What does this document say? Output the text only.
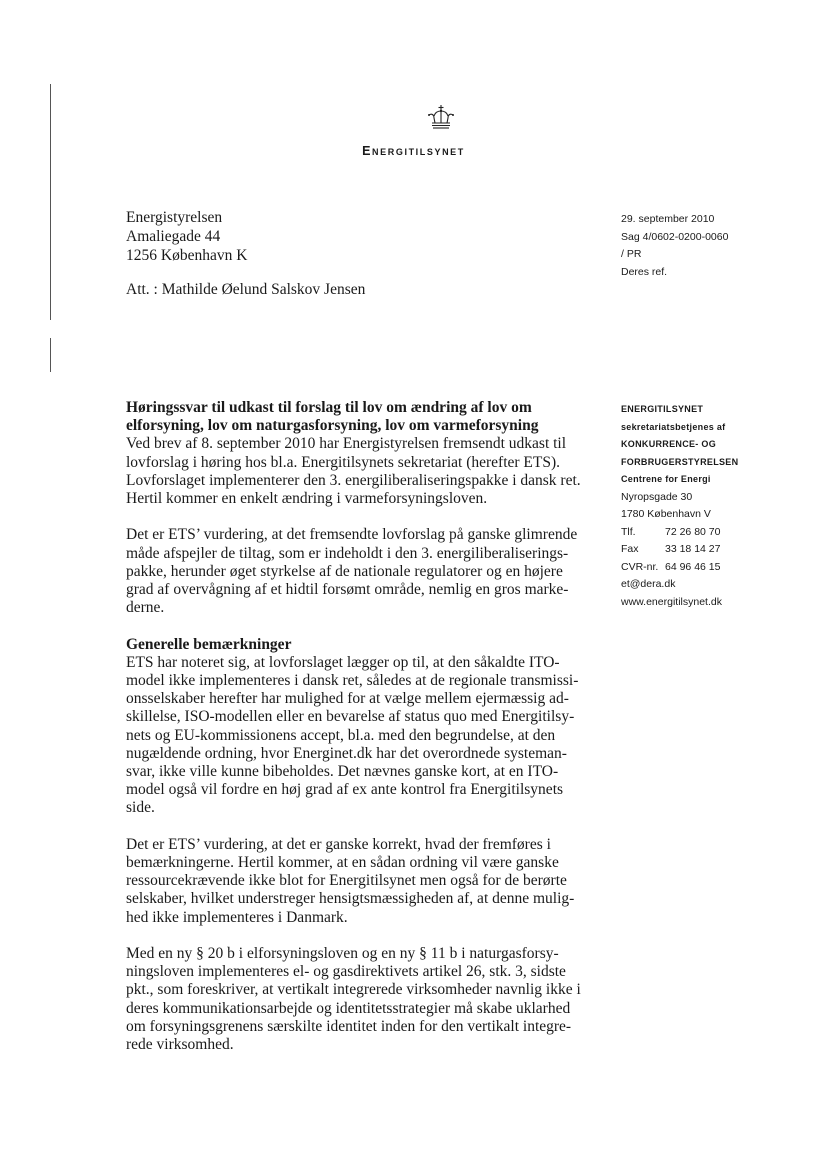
Energitilsynet
Energistyrelsen
Amaliegade 44
1256 København K
Att. : Mathilde Øelund Salskov Jensen
29. september 2010
Sag 4/0602-0200-0060
/ PR
Deres ref.
ENERGITILSYNET
sekretariatsbetjenes af
KONKURRENCE- OG
FORBRUGERSTYRELSEN
Centrene for Energi
Nyropsgade 30
1780 København V
Tlf.	72 26 80 70
Fax	33 18 14 27
CVR-nr. 64 96 46 15
et@dera.dk
www.energitilsynet.dk
Høringssvar til udkast til forslag til lov om ændring af lov om
elforsyning, lov om naturgasforsyning, lov om varmeforsyning
Ved brev af 8. september 2010 har Energistyrelsen fremsendt udkast til
lovforslag i høring hos bl.a. Energitilsynets sekretariat (herefter ETS).
Lovforslaget implementerer den 3. energiliberaliseringspakke i dansk ret.
Hertil kommer en enkelt ændring i varmeforsyningsloven.
Det er ETS’ vurdering, at det fremsendte lovforslag på ganske glimrende
måde afspejler de tiltag, som er indeholdt i den 3. energiliberaliserings-
pakke, herunder øget styrkelse af de nationale regulatorer og en højere
grad af overvågning af et hidtil forsømt område, nemlig en gros marke-
derne.
Generelle bemærkninger
ETS har noteret sig, at lovforslaget lægger op til, at den såkaldte ITO-
model ikke implementeres i dansk ret, således at de regionale transmissi-
onsselskaber herefter har mulighed for at vælge mellem ejermæssig ad-
skillelse, ISO-modellen eller en bevarelse af status quo med Energitilsy-
nets og EU-kommissionens accept, bl.a. med den begrundelse, at den
nugældende ordning, hvor Energinet.dk har det overordnede systeman-
svar, ikke ville kunne bibeholdes. Det nævnes ganske kort, at en ITO-
model også vil fordre en høj grad af ex ante kontrol fra Energitilsynets
side.
Det er ETS’ vurdering, at det er ganske korrekt, hvad der fremføres i
bemærkningerne. Hertil kommer, at en sådan ordning vil være ganske
ressourcekrævende ikke blot for Energitilsynet men også for de berørte
selskaber, hvilket understreger hensigtsmæssigheden af, at denne mulig-
hed ikke implementeres i Danmark.
Med en ny § 20 b i elforsyningsloven og en ny § 11 b i naturgasforsy-
ningsloven implementeres el- og gasdirektivets artikel 26, stk. 3, sidste
pkt., som foreskriver, at vertikalt integrerede virksomheder navnlig ikke i
deres kommunikationsarbejde og identitetsstrategier må skabe uklarhed
om forsyningsgrenens særskilte identitet inden for den vertikalt integre-
rede virksomhed.
